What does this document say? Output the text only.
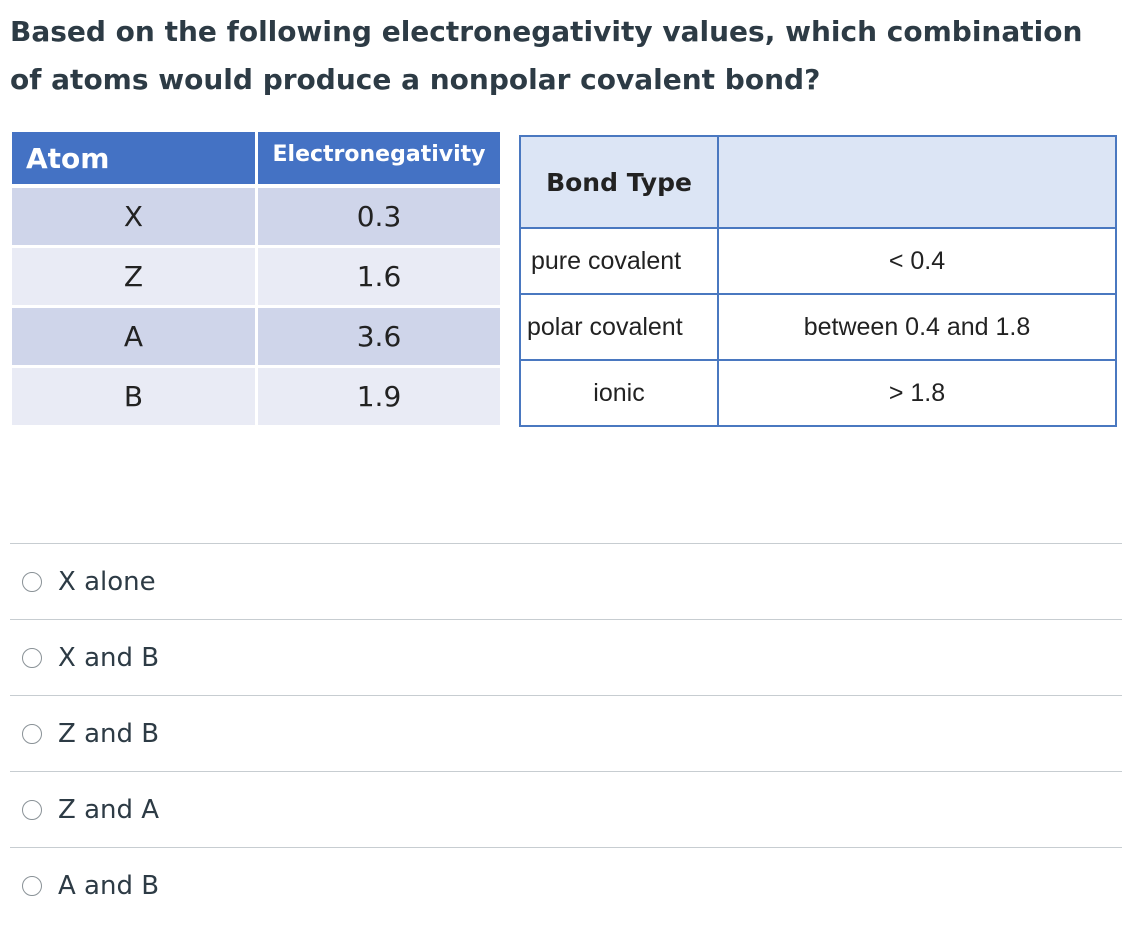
Based on the following electronegativity values, which combination of atoms would produce a nonpolar covalent bond?

Atom	Electronegativity
X	0.3
Z	1.6
A	3.6
B	1.9
Bond Type	
pure covalent	< 0.4
polar covalent	between 0.4 and 1.8
ionic	> 1.8
X alone
X and B
Z and B
Z and A
A and B
